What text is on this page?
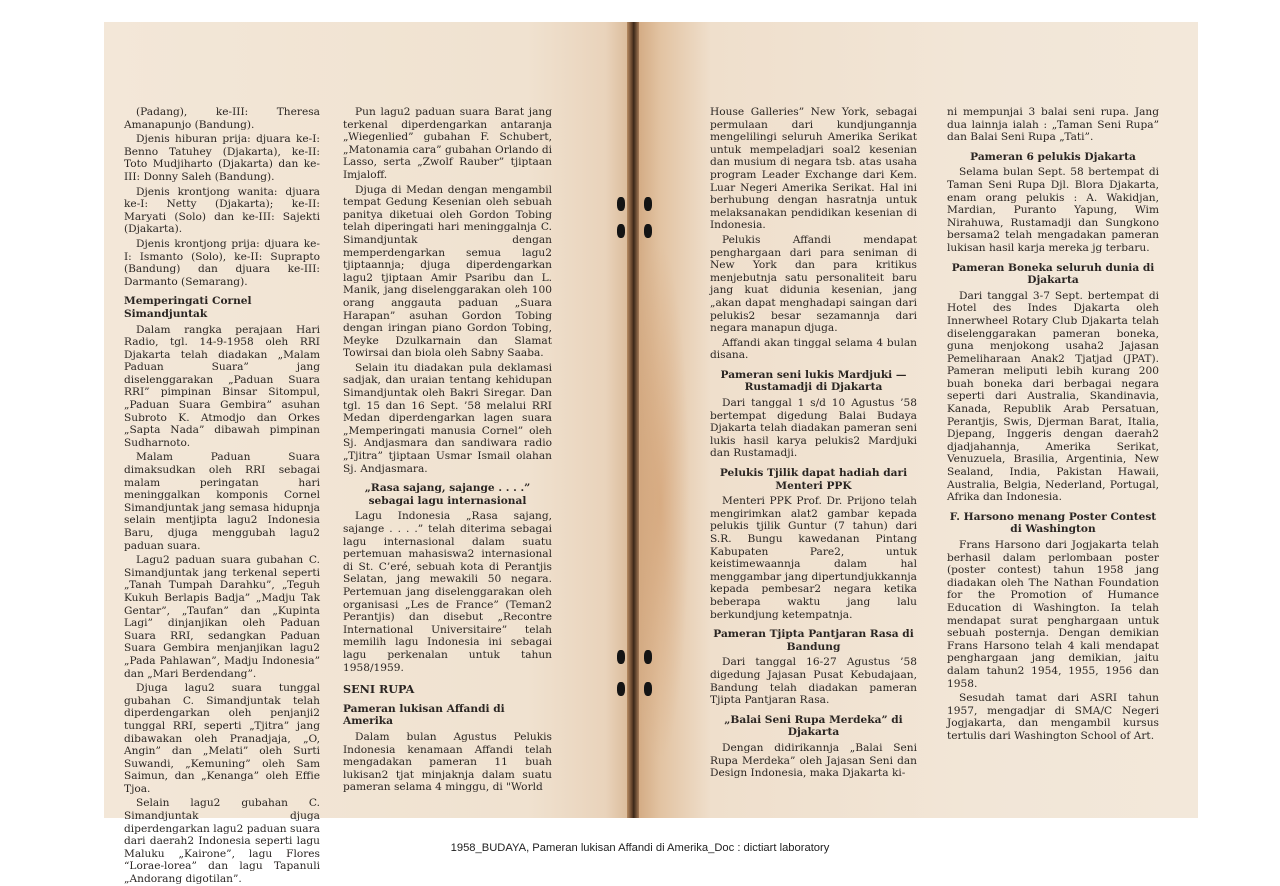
(Padang), ke-III: Theresa Amanapunjo (Bandung).

Djenis hiburan prija: djuara ke-I: Benno Tatuhey (Djakarta), ke-II: Toto Mudjiharto (Djakarta) dan ke-III: Donny Saleh (Bandung).

Djenis krontjong wanita: djuara ke-I: Netty (Djakarta); ke-II: Maryati (Solo) dan ke-III: Sajekti (Djakarta).

Djenis krontjong prija: djuara ke-I: Ismanto (Solo), ke-II: Suprapto (Bandung) dan djuara ke-III: Darmanto (Semarang).

Memperingati Cornel Simandjuntak

Dalam rangka perajaan Hari Radio, tgl. 14-9-1958 oleh RRI Djakarta telah diadakan „Malam Paduan Suara” jang diselenggarakan „Paduan Suara RRI” pimpinan Binsar Sitompul, „Paduan Suara Gembira” asuhan Subroto K. Atmodjo dan Orkes „Sapta Nada” dibawah pimpinan Sudharnoto.

Malam Paduan Suara dimaksudkan oleh RRI sebagai malam peringatan hari meninggalkan komponis Cornel Simandjuntak jang semasa hidupnja selain mentjipta lagu2 Indonesia Baru, djuga menggubah lagu2 paduan suara.

Lagu2 paduan suara gubahan C. Simandjuntak jang terkenal seperti „Tanah Tumpah Darahku”, „Teguh Kukuh Berlapis Badja” „Madju Tak Gentar”, „Taufan” dan „Kupinta Lagi” dinjanjikan oleh Paduan Suara RRI, sedangkan Paduan Suara Gembira menjanjikan lagu2 „Pada Pahlawan”, Madju Indonesia” dan „Mari Berdendang”.

Djuga lagu2 suara tunggal gubahan C. Simandjuntak telah diperdengarkan oleh penjanji2 tunggal RRI, seperti „Tjitra” jang dibawakan oleh Pranadjaja, „O, Angin” dan „Melati” oleh Surti Suwandi, „Kemuning” oleh Sam Saimun, dan „Kenanga” oleh Effie Tjoa.

Selain lagu2 gubahan C. Simandjuntak djuga diperdengarkan lagu2 paduan suara dari daerah2 Indonesia seperti lagu Maluku „Kairone”, lagu Flores “Lorae-lorea” dan lagu Tapanuli „Andorang digotilan”.

Pun lagu2 paduan suara Barat jang terkenal diperdengarkan antaranja „Wiegenlied” gubahan F. Schubert, „Matonamia cara” gubahan Orlando di Lasso, serta „Zwolf Rauber” tjiptaan Imjaloff.

Djuga di Medan dengan mengambil tempat Gedung Kesenian oleh sebuah panitya diketuai oleh Gordon Tobing telah diperingati hari meninggalnja C. Simandjuntak dengan memperdengarkan semua lagu2 tjiptaannja; djuga diperdengarkan lagu2 tjiptaan Amir Psaribu dan L. Manik, jang diselenggarakan oleh 100 orang anggauta paduan „Suara Harapan” asuhan Gordon Tobing dengan iringan piano Gordon Tobing, Meyke Dzulkarnain dan Slamat Towirsai dan biola oleh Sabny Saaba.

Selain itu diadakan pula deklamasi sadjak, dan uraian tentang kehidupan Simandjuntak oleh Bakri Siregar. Dan tgl. 15 dan 16 Sept. ’58 melalui RRI Medan diperdengarkan lagen suara „Memperingati manusia Cornel” oleh Sj. Andjasmara dan sandiwara radio „Tjitra” tjiptaan Usmar Ismail olahan Sj. Andjasmara.

„Rasa sajang, sajange . . . .” sebagai lagu internasional

Lagu Indonesia „Rasa sajang, sajange . . . .” telah diterima sebagai lagu internasional dalam suatu pertemuan mahasiswa2 internasional di St. C’eré, sebuah kota di Perantjis Selatan, jang mewakili 50 negara. Pertemuan jang diselenggarakan oleh organisasi „Les de France” (Teman2 Perantjis) dan disebut „Recontre International Universitaire” telah memilih lagu Indonesia ini sebagai lagu perkenalan untuk tahun 1958/1959.

SENI RUPA
Pameran lukisan Affandi di Amerika

Dalam bulan Agustus Pelukis Indonesia kenamaan Affandi telah mengadakan pameran 11 buah lukisan2 tjat minjaknja dalam suatu pameran selama 4 minggu, di "World

House Galleries” New York, sebagai permulaan dari kundjungannja mengelilingi seluruh Amerika Serikat untuk mempeladjari soal2 kesenian dan musium di negara tsb. atas usaha program Leader Exchange dari Kem. Luar Negeri Amerika Serikat. Hal ini berhubung dengan hasratnja untuk melaksanakan pendidikan kesenian di Indonesia.

Pelukis Affandi mendapat penghargaan dari para seniman di New York dan para kritikus menjebutnja satu personaliteit baru jang kuat didunia kesenian, jang „akan dapat menghadapi saingan dari pelukis2 besar sezamannja dari negara manapun djuga.

Affandi akan tinggal selama 4 bulan disana.

Pameran seni lukis Mardjuki — Rustamadji di Djakarta

Dari tanggal 1 s/d 10 Agustus ’58 bertempat digedung Balai Budaya Djakarta telah diadakan pameran seni lukis hasil karya pelukis2 Mardjuki dan Rustamadji.

Pelukis Tjilik dapat hadiah dari Menteri PPK

Menteri PPK Prof. Dr. Prijono telah mengirimkan alat2 gambar kepada pelukis tjilik Guntur (7 tahun) dari S.R. Bungu kawedanan Pintang Kabupaten Pare2, untuk keistimewaannja dalam hal menggambar jang dipertundjukkannja kepada pembesar2 negara ketika beberapa waktu jang lalu berkundjung ketempatnja.

Pameran Tjipta Pantjaran Rasa di Bandung

Dari tanggal 16-27 Agustus ’58 digedung Jajasan Pusat Kebudajaan, Bandung telah diadakan pameran Tjipta Pantjaran Rasa.

„Balai Seni Rupa Merdeka” di Djakarta

Dengan didirikannja „Balai Seni Rupa Merdeka” oleh Jajasan Seni dan Design Indonesia, maka Djakarta ki-

ni mempunjai 3 balai seni rupa. Jang dua lainnja ialah : „Taman Seni Rupa” dan Balai Seni Rupa „Tati”.

Pameran 6 pelukis Djakarta

Selama bulan Sept. 58 bertempat di Taman Seni Rupa Djl. Blora Djakarta, enam orang pelukis : A. Wakidjan, Mardian, Puranto Yapung, Wim Nirahuwa, Rustamadji dan Sungkono bersama2 telah mengadakan pameran lukisan hasil karja mereka jg terbaru.

Pameran Boneka seluruh dunia di Djakarta

Dari tanggal 3-7 Sept. bertempat di Hotel des Indes Djakarta oleh Innerwheel Rotary Club Djakarta telah diselenggarakan pameran boneka, guna menjokong usaha2 Jajasan Pemeliharaan Anak2 Tjatjad (JPAT). Pameran meliputi lebih kurang 200 buah boneka dari berbagai negara seperti dari Australia, Skandinavia, Kanada, Republik Arab Persatuan, Perantjis, Swis, Djerman Barat, Italia, Djepang, Inggeris dengan daerah2 djadjahannja, Amerika Serikat, Venuzuela, Brasilia, Argentinia, New Sealand, India, Pakistan Hawaii, Australia, Belgia, Nederland, Portugal, Afrika dan Indonesia.

F. Harsono menang Poster Contest di Washington

Frans Harsono dari Jogjakarta telah berhasil dalam perlombaan poster (poster contest) tahun 1958 jang diadakan oleh The Nathan Foundation for the Promotion of Humance Education di Washington. Ia telah mendapat surat penghargaan untuk sebuah posternja. Dengan demikian Frans Harsono telah 4 kali mendapat penghargaan jang demikian, jaitu dalam tahun2 1954, 1955, 1956 dan 1958.

Sesudah tamat dari ASRI tahun 1957, mengadjar di SMA/C Negeri Jogjakarta, dan mengambil kursus tertulis dari Washington School of Art.

1958_BUDAYA, Pameran lukisan Affandi di Amerika_Doc : dictiart laboratory
